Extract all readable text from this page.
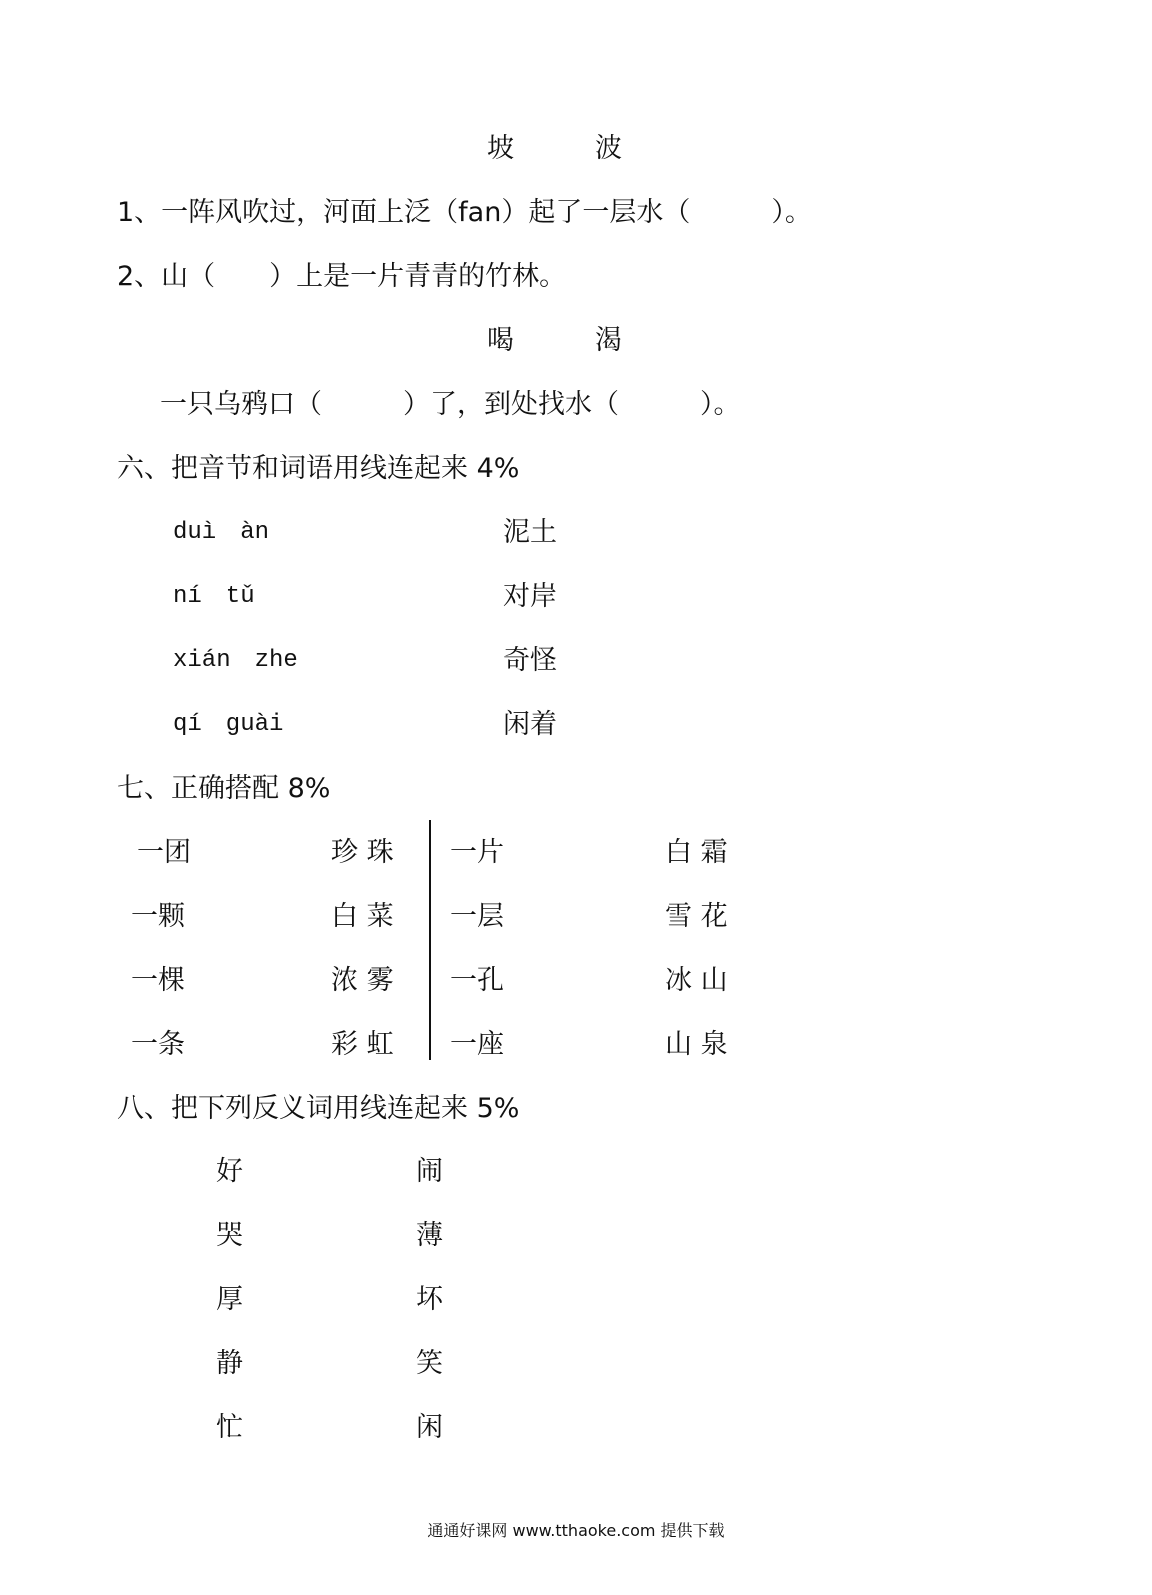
坡　　　波
1、一阵风吹过，河面上泛（fan）起了一层水（　　　）。
2、山（　　）上是一片青青的竹林。
喝　　　渴
一只乌鸦口（　　　）了，到处找水（　　　）。
六、把音节和词语用线连起来 4%
duì　àn
ní　tǔ
xián　zhe
qí　guài
泥土
对岸
奇怪
闲着
七、正确搭配 8%
一团
一颗
一棵
一条
珍 珠
白 菜
浓 雾
彩 虹
一片
一层
一孔
一座
白 霜
雪 花
冰 山
山 泉
八、把下列反义词用线连起来 5%
好
哭
厚
静
忙
闹
薄
坏
笑
闲
通通好课网 www.tthaoke.com 提供下载
